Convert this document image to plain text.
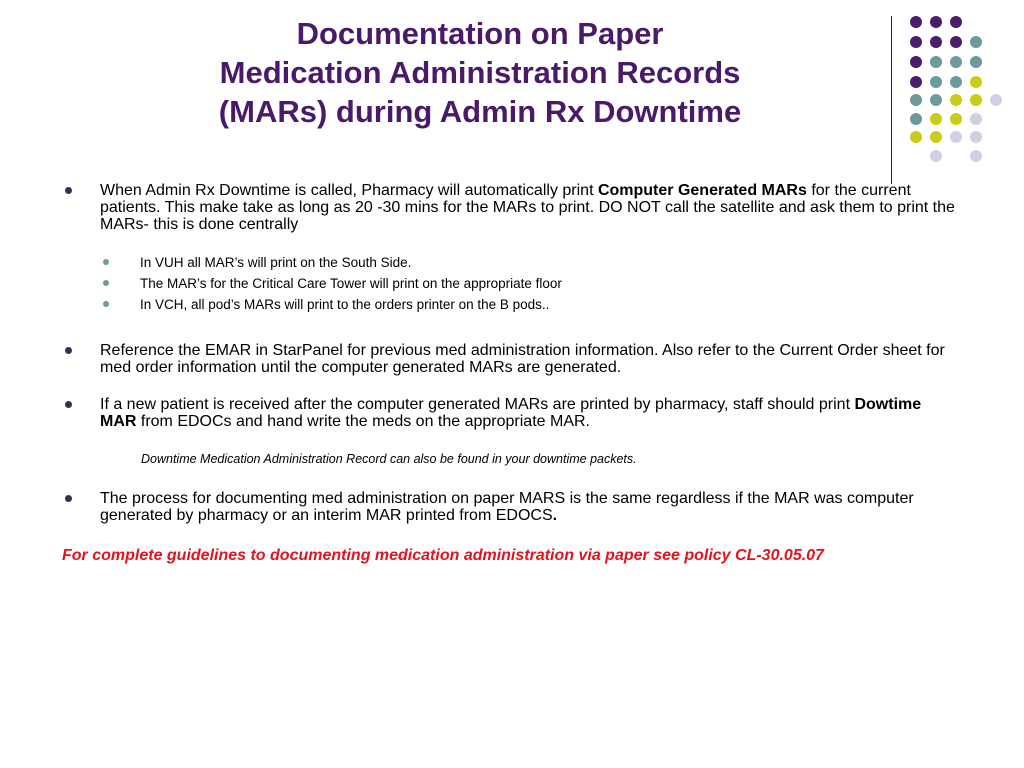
Documentation on Paper
Medication Administration Records
(MARs) during Admin Rx Downtime
When Admin Rx Downtime is called, Pharmacy will automatically print Computer Generated MARs for the current patients. This make take as long as 20 -30 mins for the MARs to print. DO NOT call the satellite and ask them to print the MARs- this is done centrally
In VUH all MAR’s will print on the South Side.
The MAR’s for the Critical Care Tower will print on the appropriate floor
In VCH, all pod’s MARs will print to the orders printer on the B pods..
Reference the EMAR in StarPanel for previous med administration information. Also refer to the Current Order sheet for med order information until the computer generated MARs are generated.
If a new patient is received after the computer generated MARs are printed by pharmacy, staff should print Dowtime MAR from EDOCs and hand write the meds on the appropriate MAR.
Downtime Medication Administration Record can also be found in your downtime packets.
The process for documenting med administration on paper MARS is the same regardless if the MAR was computer generated by pharmacy or an interim MAR printed from EDOCS.
For complete guidelines to documenting medication administration via paper see policy CL-30.05.07
